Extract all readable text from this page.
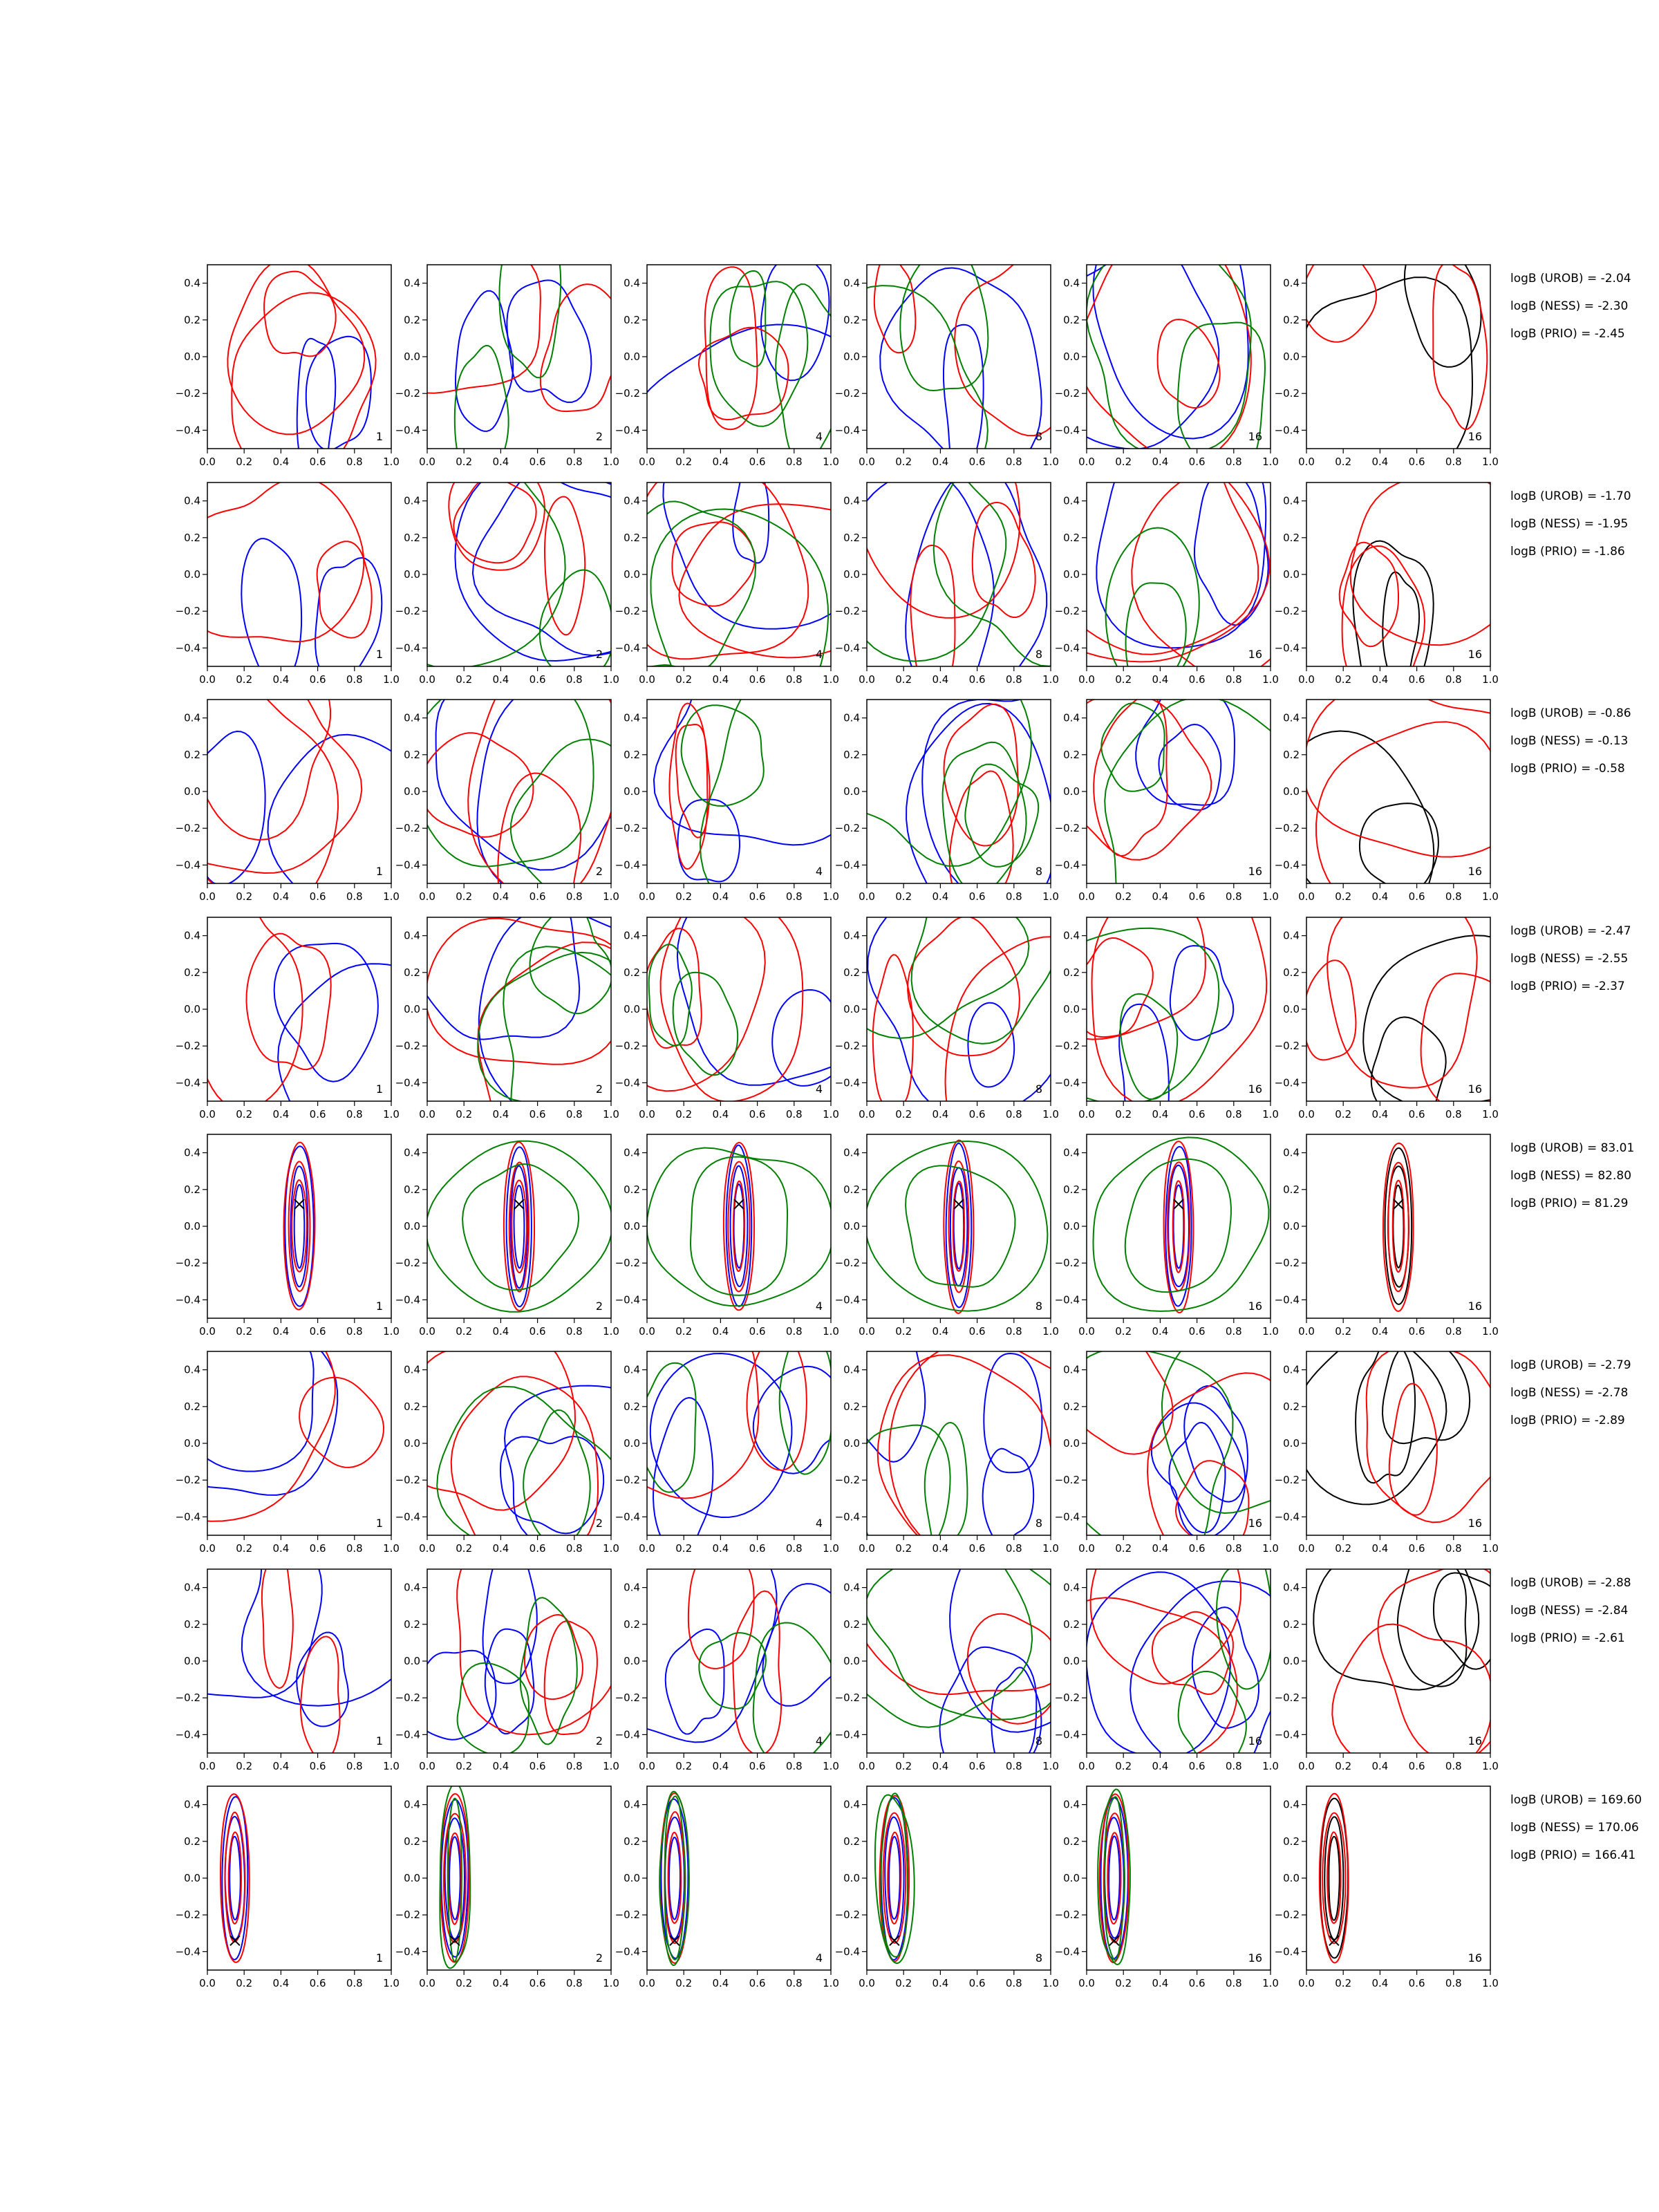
0.0 0.2 0.4 0.6 0.8 1.0
−0.4
−0.2
0.0
0.2
0.4
1
0.0 0.2 0.4 0.6 0.8 1.0
−0.4
−0.2
0.0
0.2
0.4
2
0.0 0.2 0.4 0.6 0.8 1.0
−0.4
−0.2
0.0
0.2
0.4
4
0.0 0.2 0.4 0.6 0.8 1.0
−0.4
−0.2
0.0
0.2
0.4
8
0.0 0.2 0.4 0.6 0.8 1.0
−0.4
−0.2
0.0
0.2
0.4
16
0.0 0.2 0.4 0.6 0.8 1.0
−0.4
−0.2
0.0
0.2
0.4
16
logB (UROB) = -2.04
logB (NESS) = -2.30
logB (PRIO) = -2.45
0.0 0.2 0.4 0.6 0.8 1.0
−0.4
−0.2
0.0
0.2
0.4
1
0.0 0.2 0.4 0.6 0.8 1.0
−0.4
−0.2
0.0
0.2
0.4
2
0.0 0.2 0.4 0.6 0.8 1.0
−0.4
−0.2
0.0
0.2
0.4
4
0.0 0.2 0.4 0.6 0.8 1.0
−0.4
−0.2
0.0
0.2
0.4
8
0.0 0.2 0.4 0.6 0.8 1.0
−0.4
−0.2
0.0
0.2
0.4
16
0.0 0.2 0.4 0.6 0.8 1.0
−0.4
−0.2
0.0
0.2
0.4
16
logB (UROB) = -1.70
logB (NESS) = -1.95
logB (PRIO) = -1.86
0.0 0.2 0.4 0.6 0.8 1.0
−0.4
−0.2
0.0
0.2
0.4
1
0.0 0.2 0.4 0.6 0.8 1.0
−0.4
−0.2
0.0
0.2
0.4
2
0.0 0.2 0.4 0.6 0.8 1.0
−0.4
−0.2
0.0
0.2
0.4
4
0.0 0.2 0.4 0.6 0.8 1.0
−0.4
−0.2
0.0
0.2
0.4
8
0.0 0.2 0.4 0.6 0.8 1.0
−0.4
−0.2
0.0
0.2
0.4
16
0.0 0.2 0.4 0.6 0.8 1.0
−0.4
−0.2
0.0
0.2
0.4
16
logB (UROB) = -0.86
logB (NESS) = -0.13
logB (PRIO) = -0.58
0.0 0.2 0.4 0.6 0.8 1.0
−0.4
−0.2
0.0
0.2
0.4
1
0.0 0.2 0.4 0.6 0.8 1.0
−0.4
−0.2
0.0
0.2
0.4
2
0.0 0.2 0.4 0.6 0.8 1.0
−0.4
−0.2
0.0
0.2
0.4
4
0.0 0.2 0.4 0.6 0.8 1.0
−0.4
−0.2
0.0
0.2
0.4
8
0.0 0.2 0.4 0.6 0.8 1.0
−0.4
−0.2
0.0
0.2
0.4
16
0.0 0.2 0.4 0.6 0.8 1.0
−0.4
−0.2
0.0
0.2
0.4
16
logB (UROB) = -2.47
logB (NESS) = -2.55
logB (PRIO) = -2.37
0.0 0.2 0.4 0.6 0.8 1.0
−0.4
−0.2
0.0
0.2
0.4
1
0.0 0.2 0.4 0.6 0.8 1.0
−0.4
−0.2
0.0
0.2
0.4
2
0.0 0.2 0.4 0.6 0.8 1.0
−0.4
−0.2
0.0
0.2
0.4
4
0.0 0.2 0.4 0.6 0.8 1.0
−0.4
−0.2
0.0
0.2
0.4
8
0.0 0.2 0.4 0.6 0.8 1.0
−0.4
−0.2
0.0
0.2
0.4
16
0.0 0.2 0.4 0.6 0.8 1.0
−0.4
−0.2
0.0
0.2
0.4
16
logB (UROB) = 83.01
logB (NESS) = 82.80
logB (PRIO) = 81.29
0.0 0.2 0.4 0.6 0.8 1.0
−0.4
−0.2
0.0
0.2
0.4
1
0.0 0.2 0.4 0.6 0.8 1.0
−0.4
−0.2
0.0
0.2
0.4
2
0.0 0.2 0.4 0.6 0.8 1.0
−0.4
−0.2
0.0
0.2
0.4
4
0.0 0.2 0.4 0.6 0.8 1.0
−0.4
−0.2
0.0
0.2
0.4
8
0.0 0.2 0.4 0.6 0.8 1.0
−0.4
−0.2
0.0
0.2
0.4
16
0.0 0.2 0.4 0.6 0.8 1.0
−0.4
−0.2
0.0
0.2
0.4
16
logB (UROB) = -2.79
logB (NESS) = -2.78
logB (PRIO) = -2.89
0.0 0.2 0.4 0.6 0.8 1.0
−0.4
−0.2
0.0
0.2
0.4
1
0.0 0.2 0.4 0.6 0.8 1.0
−0.4
−0.2
0.0
0.2
0.4
2
0.0 0.2 0.4 0.6 0.8 1.0
−0.4
−0.2
0.0
0.2
0.4
4
0.0 0.2 0.4 0.6 0.8 1.0
−0.4
−0.2
0.0
0.2
0.4
8
0.0 0.2 0.4 0.6 0.8 1.0
−0.4
−0.2
0.0
0.2
0.4
16
0.0 0.2 0.4 0.6 0.8 1.0
−0.4
−0.2
0.0
0.2
0.4
16
logB (UROB) = -2.88
logB (NESS) = -2.84
logB (PRIO) = -2.61
0.0 0.2 0.4 0.6 0.8 1.0
−0.4
−0.2
0.0
0.2
0.4
1
0.0 0.2 0.4 0.6 0.8 1.0
−0.4
−0.2
0.0
0.2
0.4
2
0.0 0.2 0.4 0.6 0.8 1.0
−0.4
−0.2
0.0
0.2
0.4
4
0.0 0.2 0.4 0.6 0.8 1.0
−0.4
−0.2
0.0
0.2
0.4
8
0.0 0.2 0.4 0.6 0.8 1.0
−0.4
−0.2
0.0
0.2
0.4
16
0.0 0.2 0.4 0.6 0.8 1.0
−0.4
−0.2
0.0
0.2
0.4
16
logB (UROB) = 169.60
logB (NESS) = 170.06
logB (PRIO) = 166.41
